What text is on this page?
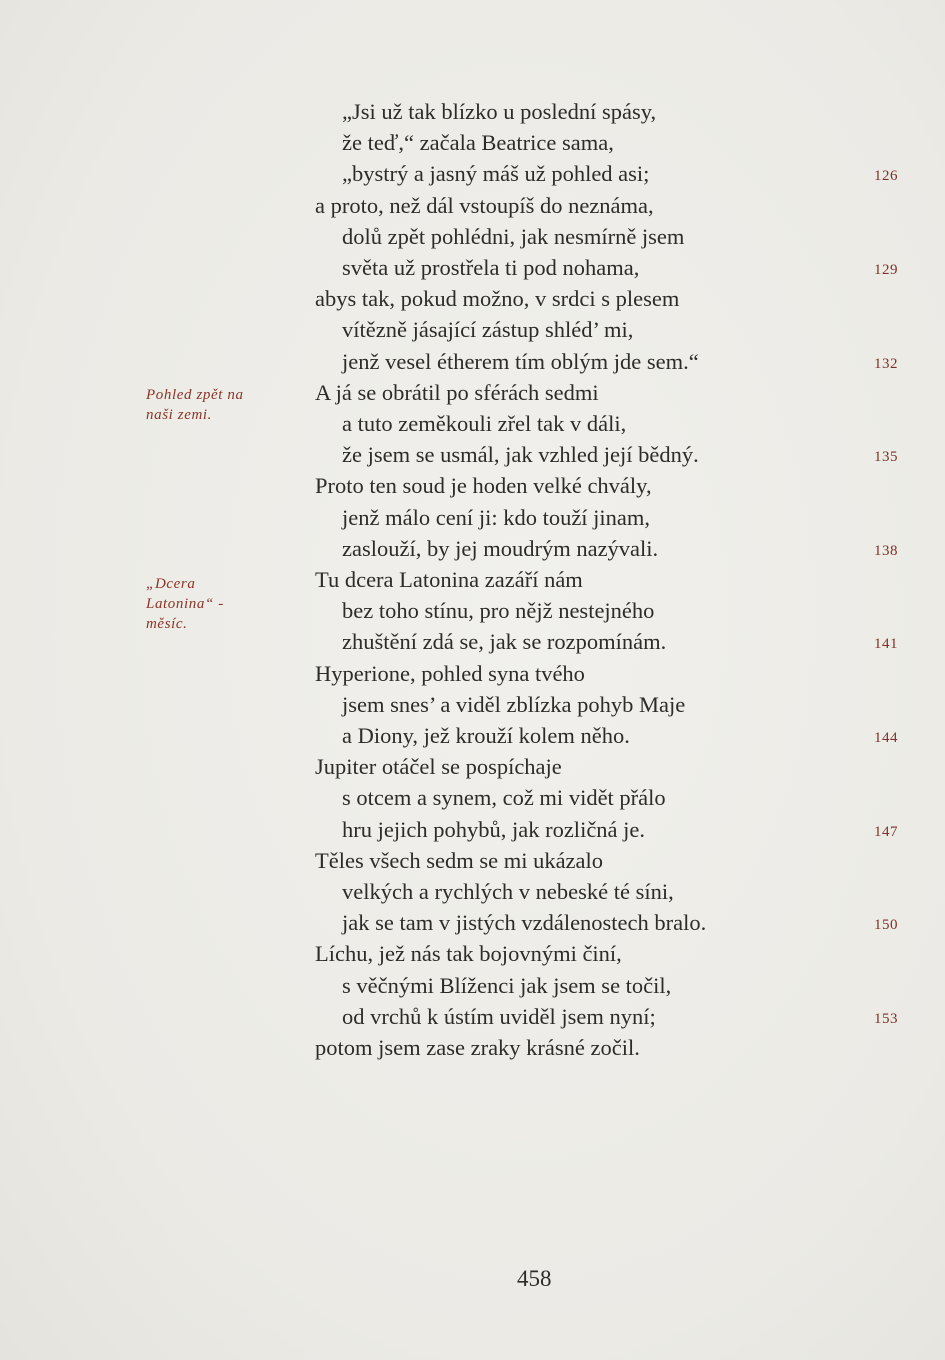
„Jsi už tak blízko u poslední spásy,
že teď,“ začala Beatrice sama,
„bystrý a jasný máš už pohled asi;
a proto, než dál vstoupíš do neznáma,
dolů zpět pohlédni, jak nesmírně jsem
světa už prostřela ti pod nohama,
abys tak, pokud možno, v srdci s plesem
vítězně jásající zástup shléd’ mi,
jenž vesel étherem tím oblým jde sem.“
A já se obrátil po sférách sedmi
a tuto zeměkouli zřel tak v dáli,
že jsem se usmál, jak vzhled její bědný.
Proto ten soud je hoden velké chvály,
jenž málo cení ji: kdo touží jinam,
zaslouží, by jej moudrým nazývali.
Tu dcera Latonina zazáří nám
bez toho stínu, pro nějž nestejného
zhuštění zdá se, jak se rozpomínám.
Hyperione, pohled syna tvého
jsem snes’ a viděl zblízka pohyb Maje
a Diony, jež krouží kolem něho.
Jupiter otáčel se pospíchaje
s otcem a synem, což mi vidět přálo
hru jejich pohybů, jak rozličná je.
Těles všech sedm se mi ukázalo
velkých a rychlých v nebeské té síni,
jak se tam v jistých vzdálenostech bralo.
Líchu, jež nás tak bojovnými činí,
s věčnými Blíženci jak jsem se točil,
od vrchů k ústím uviděl jsem nyní;
potom jsem zase zraky krásné zočil.
126
129
132
135
138
141
144
147
150
153
Pohled zpět na
naši zemi.
„Dcera
Latonina“ -
měsíc.
458
